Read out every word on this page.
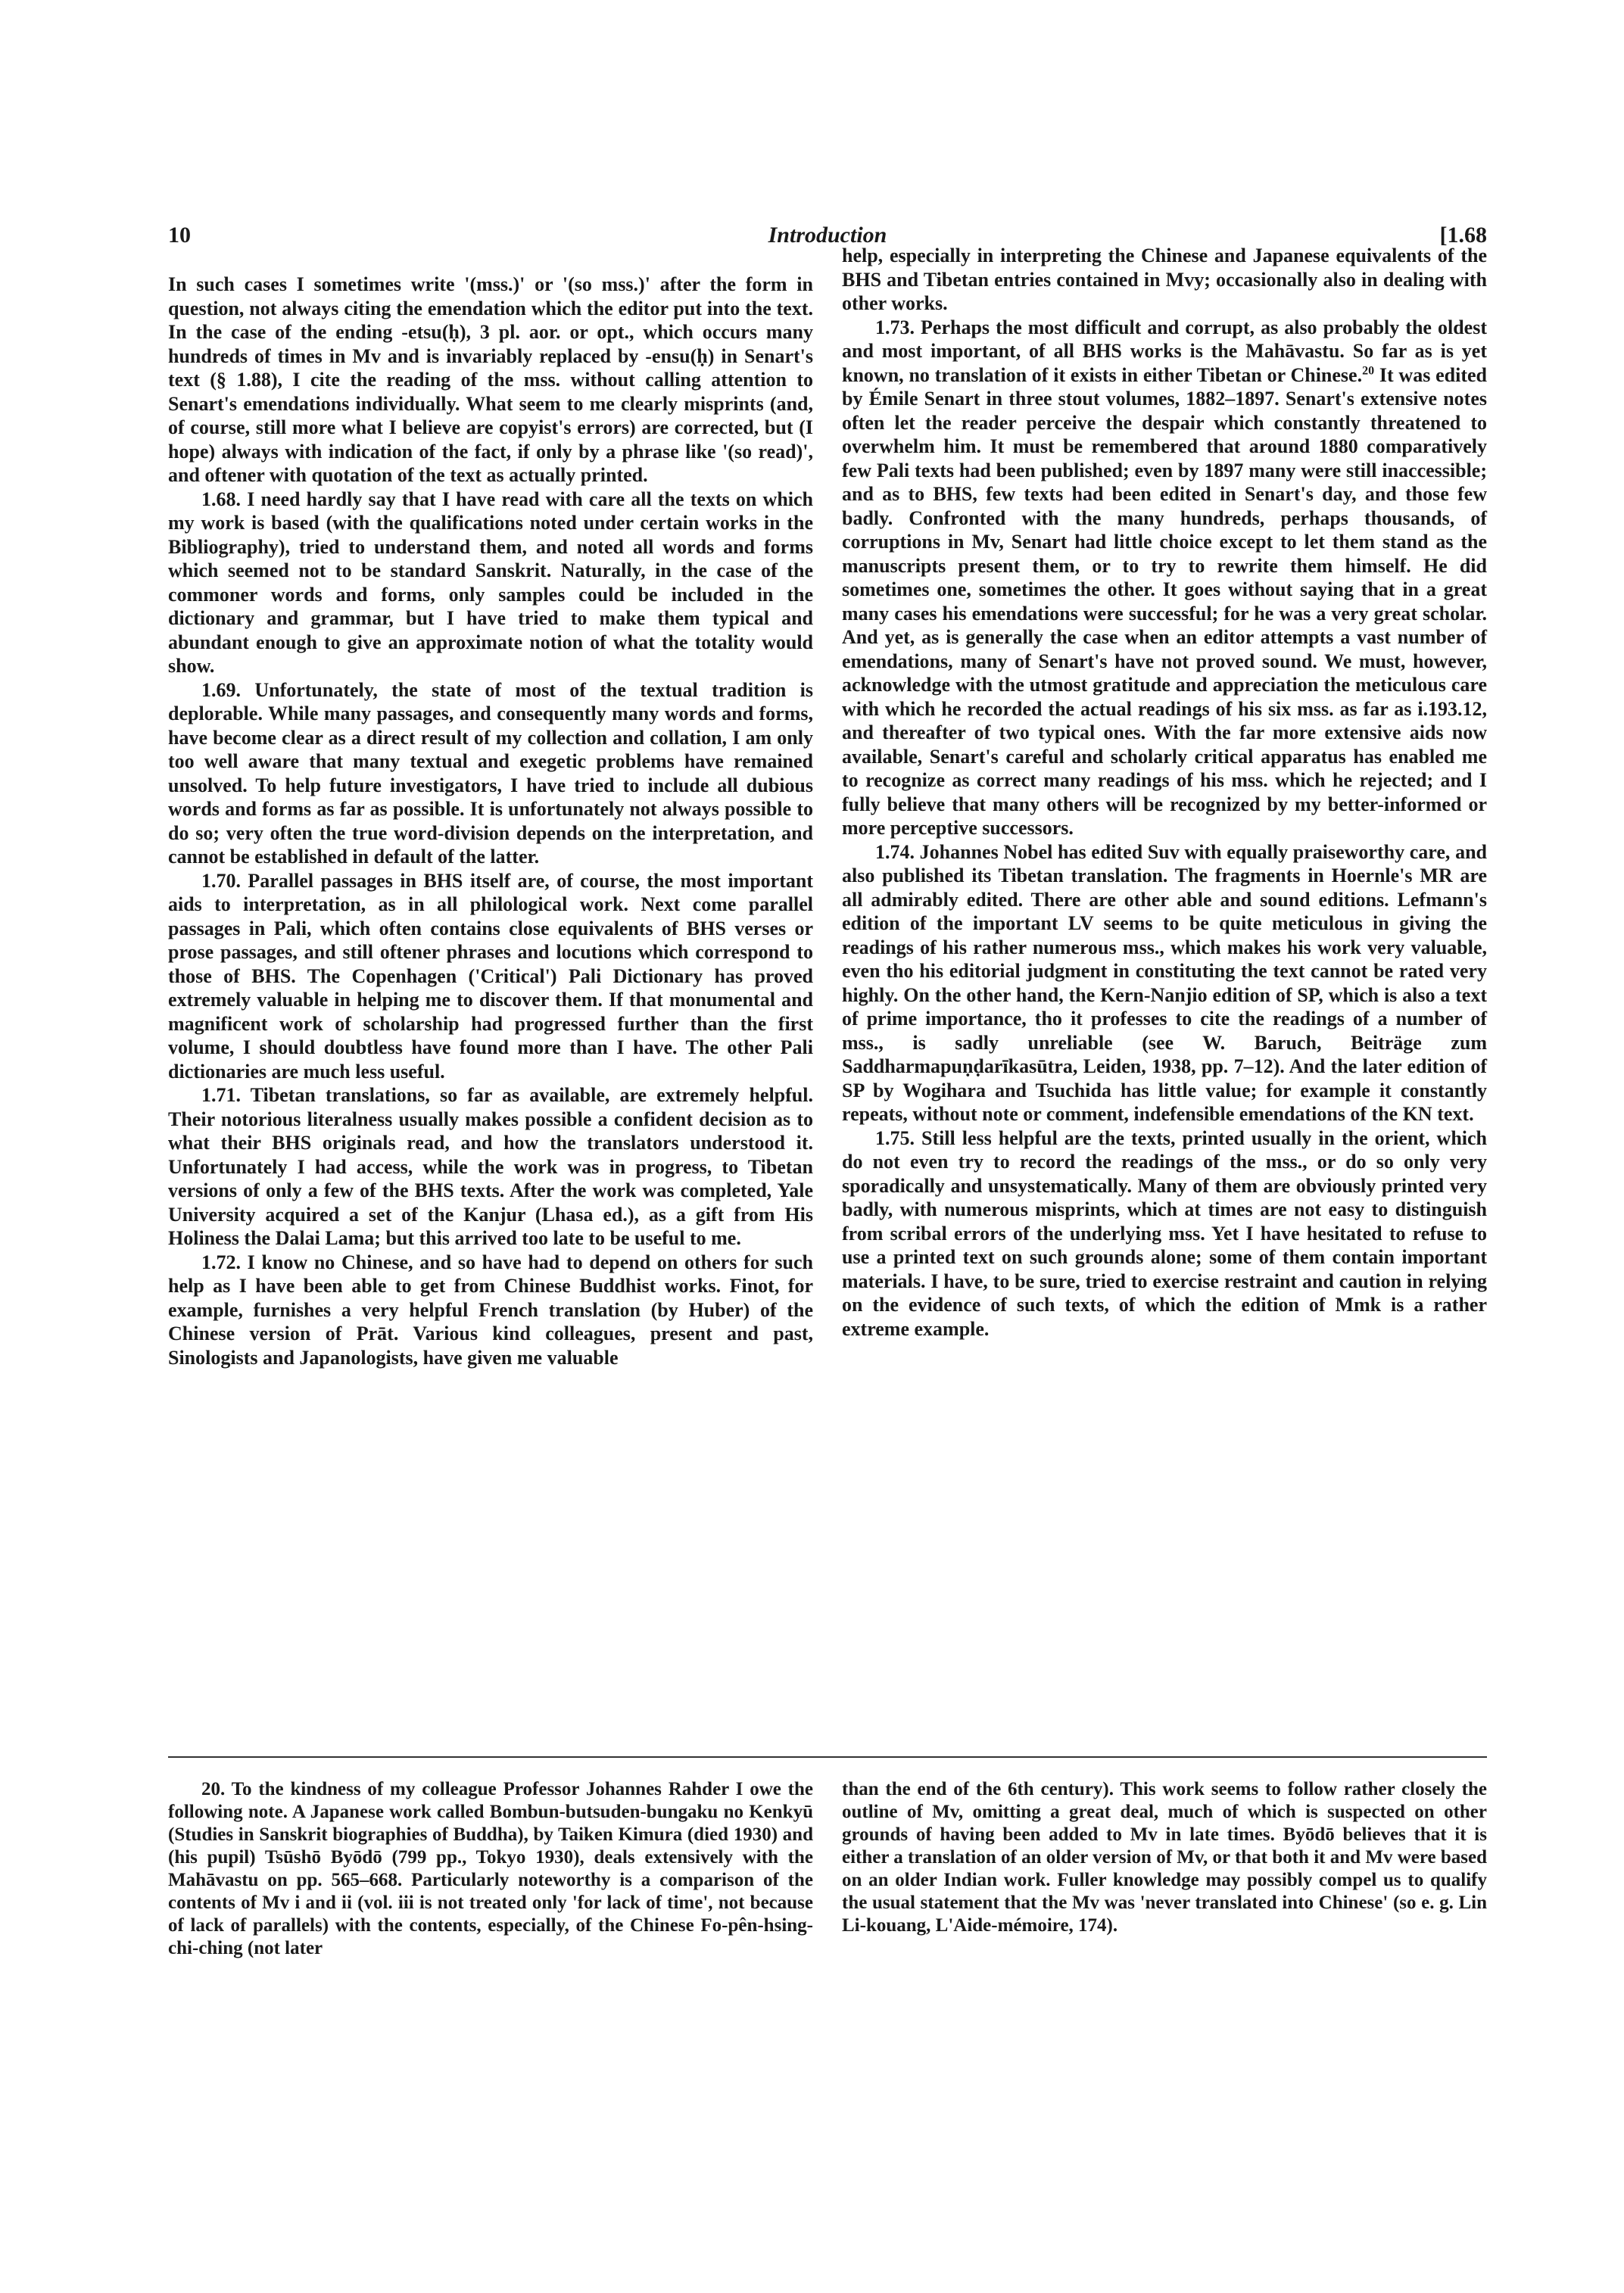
10	Introduction	[1.68

In such cases I sometimes write '(mss.)' or '(so mss.)' after the form in question, not always citing the emendation which the editor put into the text. In the case of the ending -etsu(ḥ), 3 pl. aor. or opt., which occurs many hundreds of times in Mv and is invariably replaced by -ensu(ḥ) in Senart's text (§ 1.88), I cite the reading of the mss. without calling attention to Senart's emendations individually. What seem to me clearly misprints (and, of course, still more what I believe are copyist's errors) are corrected, but (I hope) always with indication of the fact, if only by a phrase like '(so read)', and oftener with quotation of the text as actually printed.

1.68. I need hardly say that I have read with care all the texts on which my work is based (with the qualifications noted under certain works in the Bibliography), tried to understand them, and noted all words and forms which seemed not to be standard Sanskrit. Naturally, in the case of the commoner words and forms, only samples could be included in the dictionary and grammar, but I have tried to make them typical and abundant enough to give an approximate notion of what the totality would show.

1.69. Unfortunately, the state of most of the textual tradition is deplorable. While many passages, and consequently many words and forms, have become clear as a direct result of my collection and collation, I am only too well aware that many textual and exegetic problems have remained unsolved. To help future investigators, I have tried to include all dubious words and forms as far as possible. It is unfortunately not always possible to do so; very often the true word-division depends on the interpretation, and cannot be established in default of the latter.

1.70. Parallel passages in BHS itself are, of course, the most important aids to interpretation, as in all philological work. Next come parallel passages in Pali, which often contains close equivalents of BHS verses or prose passages, and still oftener phrases and locutions which correspond to those of BHS. The Copenhagen ('Critical') Pali Dictionary has proved extremely valuable in helping me to discover them. If that monumental and magnificent work of scholarship had progressed further than the first volume, I should doubtless have found more than I have. The other Pali dictionaries are much less useful.

1.71. Tibetan translations, so far as available, are extremely helpful. Their notorious literalness usually makes possible a confident decision as to what their BHS originals read, and how the translators understood it. Unfortunately I had access, while the work was in progress, to Tibetan versions of only a few of the BHS texts. After the work was completed, Yale University acquired a set of the Kanjur (Lhasa ed.), as a gift from His Holiness the Dalai Lama; but this arrived too late to be useful to me.

1.72. I know no Chinese, and so have had to depend on others for such help as I have been able to get from Chinese Buddhist works. Finot, for example, furnishes a very helpful French translation (by Huber) of the Chinese version of Prāt. Various kind colleagues, present and past, Sinologists and Japanologists, have given me valuable

help, especially in interpreting the Chinese and Japanese equivalents of the BHS and Tibetan entries contained in Mvy; occasionally also in dealing with other works.

1.73. Perhaps the most difficult and corrupt, as also probably the oldest and most important, of all BHS works is the Mahāvastu. So far as is yet known, no translation of it exists in either Tibetan or Chinese.$^{20}$ It was edited by Émile Senart in three stout volumes, 1882–1897. Senart's extensive notes often let the reader perceive the despair which constantly threatened to overwhelm him. It must be remembered that around 1880 comparatively few Pali texts had been published; even by 1897 many were still inaccessible; and as to BHS, few texts had been edited in Senart's day, and those few badly. Confronted with the many hundreds, perhaps thousands, of corruptions in Mv, Senart had little choice except to let them stand as the manuscripts present them, or to try to rewrite them himself. He did sometimes one, sometimes the other. It goes without saying that in a great many cases his emendations were successful; for he was a very great scholar. And yet, as is generally the case when an editor attempts a vast number of emendations, many of Senart's have not proved sound. We must, however, acknowledge with the utmost gratitude and appreciation the meticulous care with which he recorded the actual readings of his six mss. as far as i.193.12, and thereafter of two typical ones. With the far more extensive aids now available, Senart's careful and scholarly critical apparatus has enabled me to recognize as correct many readings of his mss. which he rejected; and I fully believe that many others will be recognized by my better-informed or more perceptive successors.

1.74. Johannes Nobel has edited Suv with equally praiseworthy care, and also published its Tibetan translation. The fragments in Hoernle's MR are all admirably edited. There are other able and sound editions. Lefmann's edition of the important LV seems to be quite meticulous in giving the readings of his rather numerous mss., which makes his work very valuable, even tho his editorial judgment in constituting the text cannot be rated very highly. On the other hand, the Kern-Nanjio edition of SP, which is also a text of prime importance, tho it professes to cite the readings of a number of mss., is sadly unreliable (see W. Baruch, Beiträge zum Saddharmapuṇḍarīkasūtra, Leiden, 1938, pp. 7–12). And the later edition of SP by Wogihara and Tsuchida has little value; for example it constantly repeats, without note or comment, indefensible emendations of the KN text.

1.75. Still less helpful are the texts, printed usually in the orient, which do not even try to record the readings of the mss., or do so only very sporadically and unsystematically. Many of them are obviously printed very badly, with numerous misprints, which at times are not easy to distinguish from scribal errors of the underlying mss. Yet I have hesitated to refuse to use a printed text on such grounds alone; some of them contain important materials. I have, to be sure, tried to exercise restraint and caution in relying on the evidence of such texts, of which the edition of Mmk is a rather extreme example.

20. To the kindness of my colleague Professor Johannes Rahder I owe the following note. A Japanese work called Bombun-butsuden-bungaku no Kenkyū (Studies in Sanskrit biographies of Buddha), by Taiken Kimura (died 1930) and (his pupil) Tsūshō Byōdō (799 pp., Tokyo 1930), deals extensively with the Mahāvastu on pp. 565–668. Particularly noteworthy is a comparison of the contents of Mv i and ii (vol. iii is not treated only 'for lack of time', not because of lack of parallels) with the contents, especially, of the Chinese Fo-pên-hsing-chi-ching (not later

than the end of the 6th century). This work seems to follow rather closely the outline of Mv, omitting a great deal, much of which is suspected on other grounds of having been added to Mv in late times. Byōdō believes that it is either a translation of an older version of Mv, or that both it and Mv were based on an older Indian work. Fuller knowledge may possibly compel us to qualify the usual statement that the Mv was 'never translated into Chinese' (so e. g. Lin Li-kouang, L'Aide-mémoire, 174).
